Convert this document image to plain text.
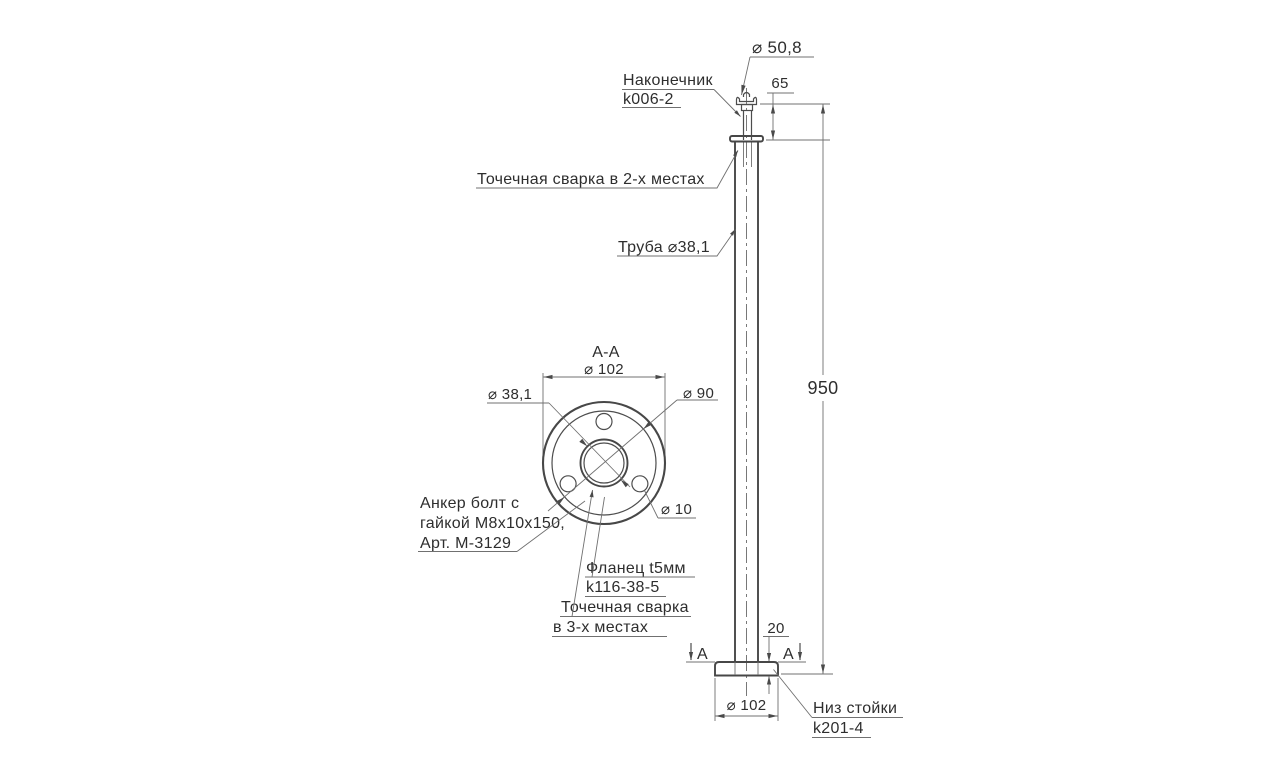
A	A
⌀ 50,8
Наконечник
k006-2
65
Точечная сварка в 2-х местах
Труба ⌀38,1
950
20
⌀ 102	Низ стойки
k201-4
A-A
⌀ 102
⌀ 38,1	⌀ 90
⌀ 10
Анкер болт с
гайкой M8x10x150,
Арт. М-3129
Фланец t5мм
k116-38-5
Точечная сварка
в 3-х местах
